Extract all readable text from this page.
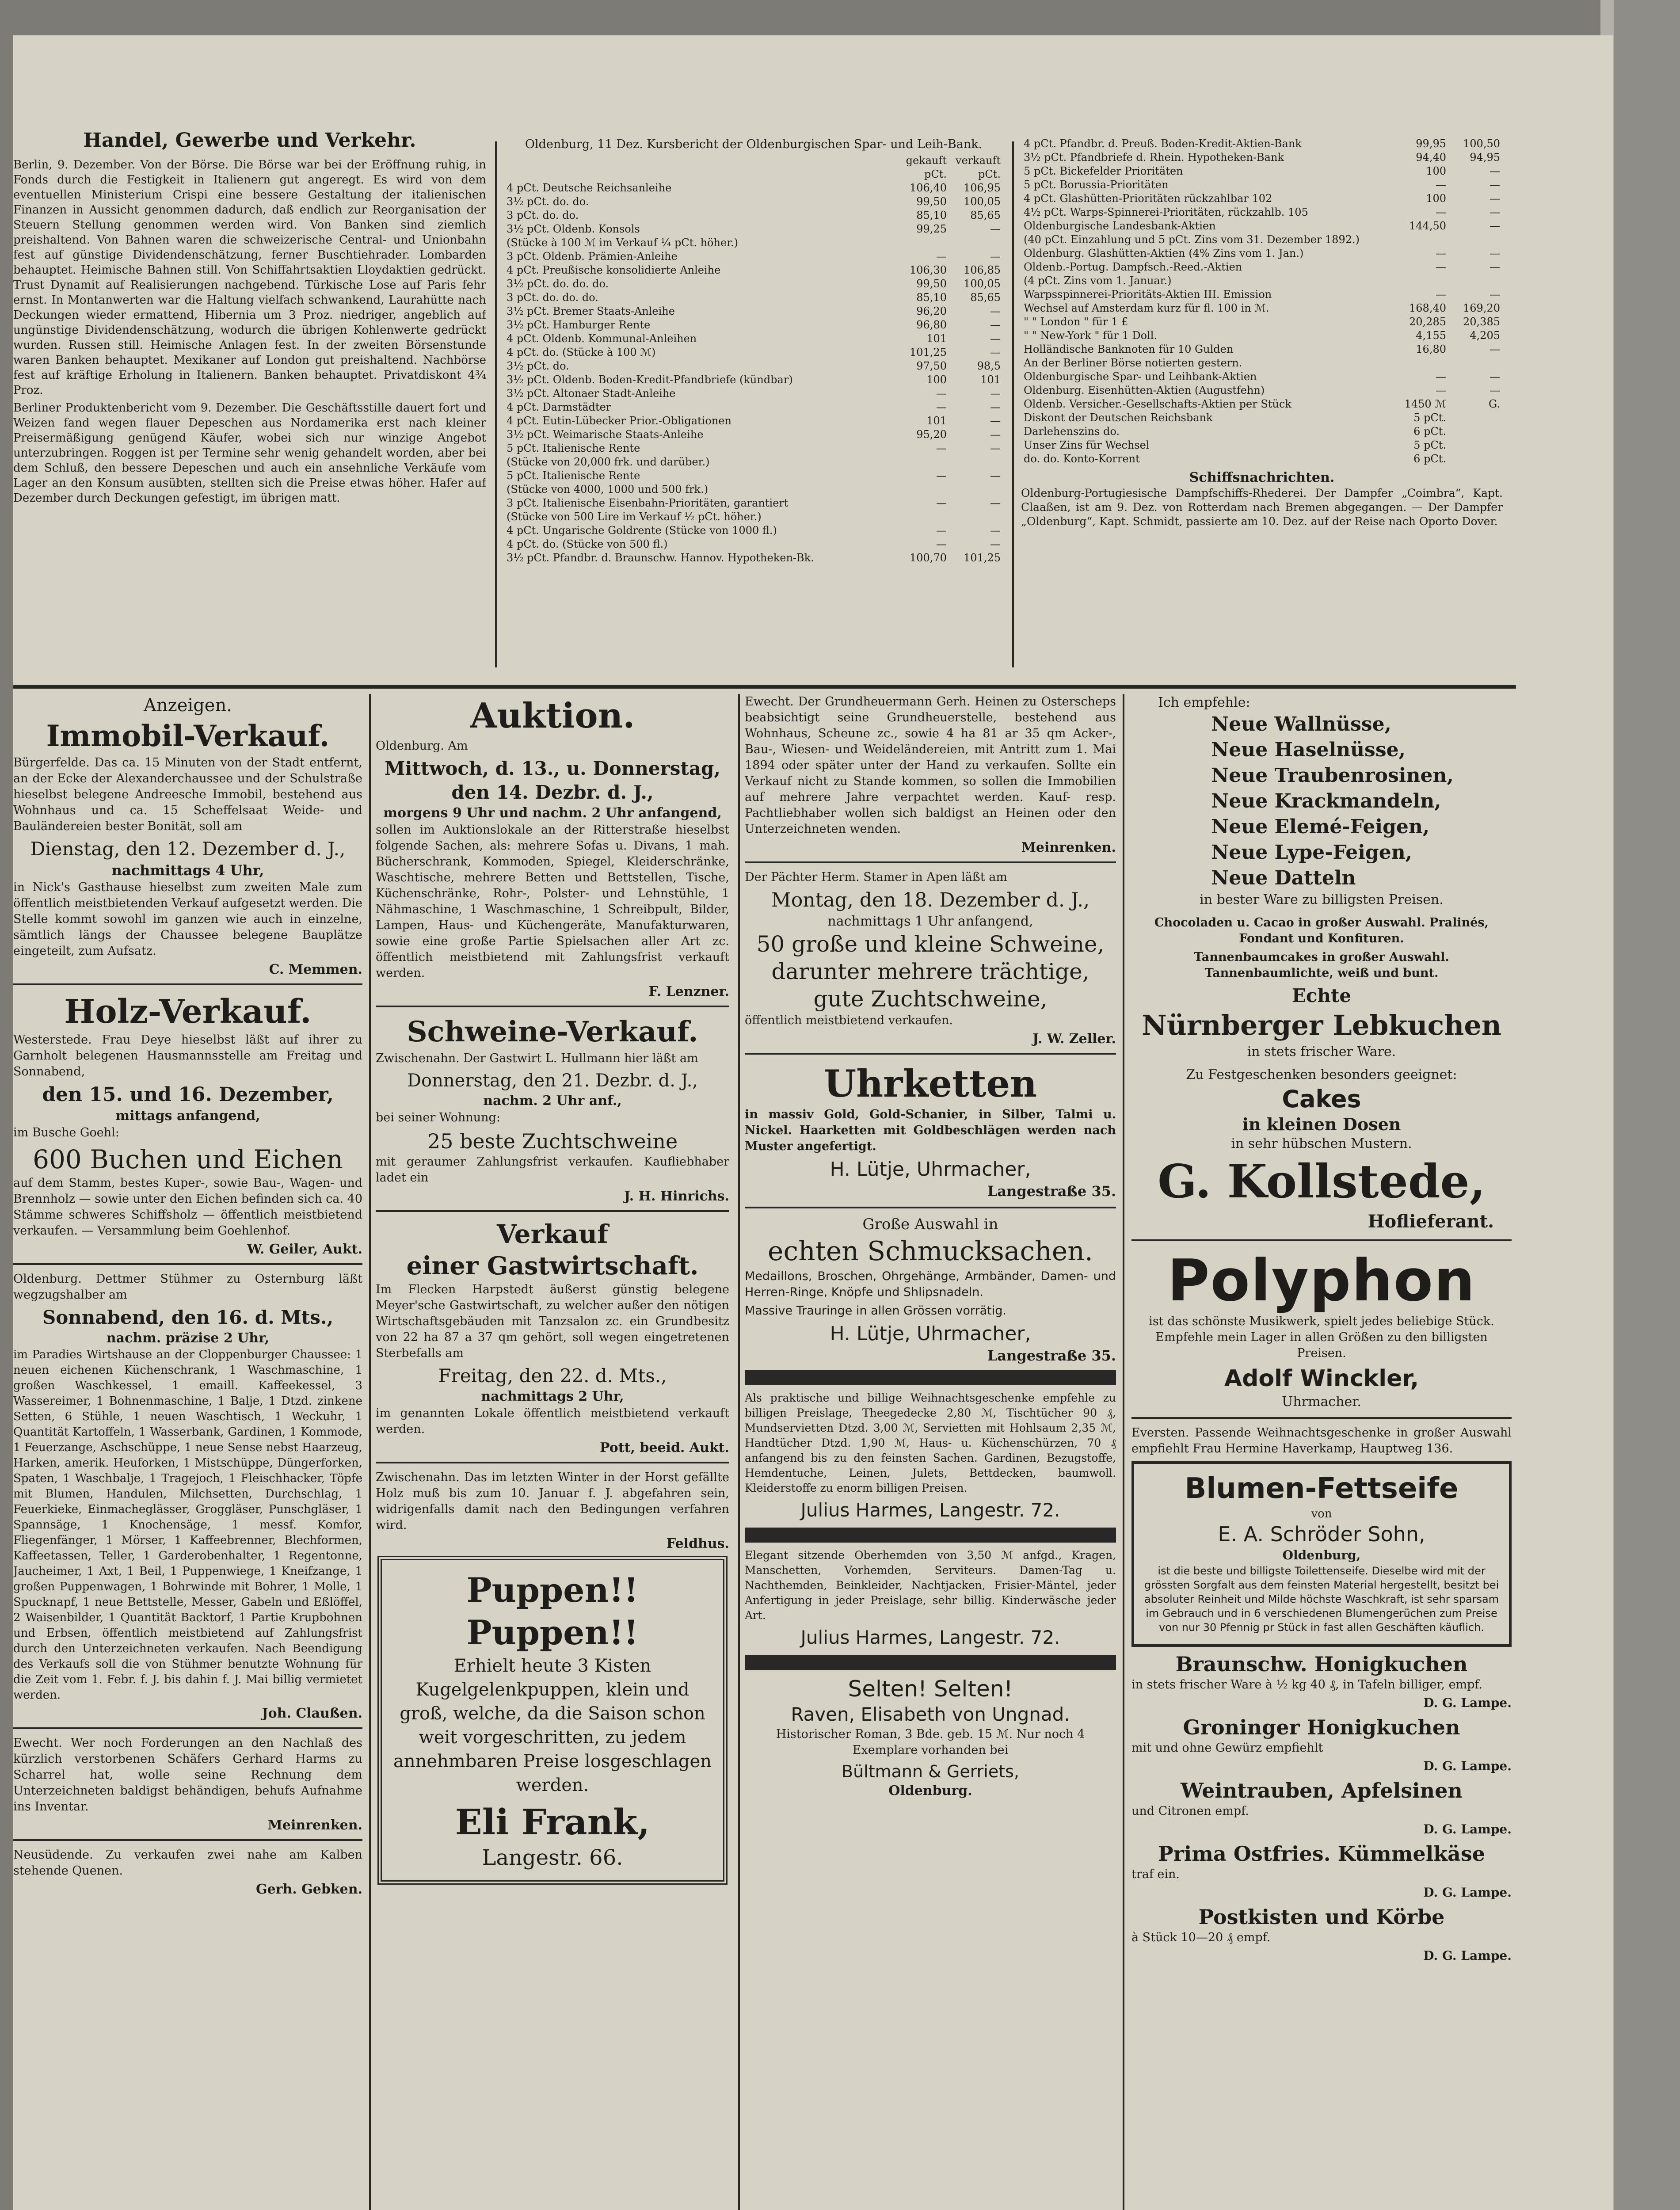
Handel, Gewerbe und Verkehr.

Berlin, 9. Dezember. Von der Börse. Die Börse war bei der Eröffnung ruhig, in Fonds durch die Festigkeit in Italienern gut angeregt. Es wird von dem eventuellen Ministerium Crispi eine bessere Gestaltung der italienischen Finanzen in Aussicht genommen dadurch, daß endlich zur Reorganisation der Steuern Stellung genommen werden wird. Von Banken sind ziemlich preishaltend. Von Bahnen waren die schweizerische Central- und Unionbahn fest auf günstige Dividendenschätzung, ferner Buschtiehrader. Lombarden behauptet. Heimische Bahnen still. Von Schiffahrtsaktien Lloydaktien gedrückt. Trust Dynamit auf Realisierungen nachgebend. Türkische Lose auf Paris fehr ernst. In Montanwerten war die Haltung vielfach schwankend, Laurahütte nach Deckungen wieder ermattend, Hibernia um 3 Proz. niedriger, angeblich auf ungünstige Dividendenschätzung, wodurch die übrigen Kohlenwerte gedrückt wurden. Russen still. Heimische Anlagen fest. In der zweiten Börsenstunde waren Banken behauptet. Mexikaner auf London gut preishaltend. Nachbörse fest auf kräftige Erholung in Italienern. Banken behauptet. Privatdiskont 4¾ Proz.

Berliner Produktenbericht vom 9. Dezember. Die Geschäftsstille dauert fort und Weizen fand wegen flauer Depeschen aus Nordamerika erst nach kleiner Preisermäßigung genügend Käufer, wobei sich nur winzige Angebot unterzubringen. Roggen ist per Termine sehr wenig gehandelt worden, aber bei dem Schluß, den bessere Depeschen und auch ein ansehnliche Verkäufe vom Lager an den Konsum ausübten, stellten sich die Preise etwas höher. Hafer auf Dezember durch Deckungen gefestigt, im übrigen matt.

Oldenburg, 11 Dez. Kursbericht der Oldenburgischen Spar- und Leih-Bank.
	gekauft	verkauft
	pCt.	pCt.
4 pCt. Deutsche Reichsanleihe	106,40	106,95
3½ pCt. do. do.	99,50	100,05
3 pCt. do. do.	85,10	85,65
3½ pCt. Oldenb. Konsols	99,25	—
(Stücke à 100 ℳ im Verkauf ¼ pCt. höher.)		
3 pCt. Oldenb. Prämien-Anleihe	—	—
4 pCt. Preußische konsolidierte Anleihe	106,30	106,85
3½ pCt. do. do. do.	99,50	100,05
3 pCt. do. do. do.	85,10	85,65
3½ pCt. Bremer Staats-Anleihe	96,20	—
3½ pCt. Hamburger Rente	96,80	—
4 pCt. Oldenb. Kommunal-Anleihen	101	—
4 pCt. do. (Stücke à 100 ℳ)	101,25	—
3½ pCt. do.	97,50	98,5
3½ pCt. Oldenb. Boden-Kredit-Pfandbriefe (kündbar)	100	101
3½ pCt. Altonaer Stadt-Anleihe	—	—
4 pCt. Darmstädter	—	—
4 pCt. Eutin-Lübecker Prior.-Obligationen	101	—
3½ pCt. Weimarische Staats-Anleihe	95,20	—
5 pCt. Italienische Rente	—	—
(Stücke von 20,000 frk. und darüber.)		
5 pCt. Italienische Rente	—	—
(Stücke von 4000, 1000 und 500 frk.)		
3 pCt. Italienische Eisenbahn-Prioritäten, garantiert	—	—
(Stücke von 500 Lire im Verkauf ½ pCt. höher.)		
4 pCt. Ungarische Goldrente (Stücke von 1000 fl.)	—	—
4 pCt. do. (Stücke von 500 fl.)	—	—
3½ pCt. Pfandbr. d. Braunschw. Hannov. Hypotheken-Bk.	100,70	101,25
4 pCt. Pfandbr. d. Preuß. Boden-Kredit-Aktien-Bank	99,95	100,50
3½ pCt. Pfandbriefe d. Rhein. Hypotheken-Bank	94,40	94,95
5 pCt. Bickefelder Prioritäten	100	—
5 pCt. Borussia-Prioritäten	—	—
4 pCt. Glashütten-Prioritäten rückzahlbar 102	100	—
4½ pCt. Warps-Spinnerei-Prioritäten, rückzahlb. 105	—	—
Oldenburgische Landesbank-Aktien	144,50	—
(40 pCt. Einzahlung und 5 pCt. Zins vom 31. Dezember 1892.)		
Oldenburg. Glashütten-Aktien (4% Zins vom 1. Jan.)	—	—
Oldenb.-Portug. Dampfsch.-Reed.-Aktien	—	—
(4 pCt. Zins vom 1. Januar.)		
Warpsspinnerei-Prioritäts-Aktien III. Emission	—	—
Wechsel auf Amsterdam kurz für fl. 100 in ℳ.	168,40	169,20
" " London " für 1 £	20,285	20,385
" " New-York " für 1 Doll.	4,155	4,205
Holländische Banknoten für 10 Gulden	16,80	—
An der Berliner Börse notierten gestern.		
Oldenburgische Spar- und Leihbank-Aktien	—	—
Oldenburg. Eisenhütten-Aktien (Augustfehn)	—	—
Oldenb. Versicher.-Gesellschafts-Aktien per Stück	1450 ℳ	G.
Diskont der Deutschen Reichsbank	5 pCt.	
Darlehenszins do.	6 pCt.	
Unser Zins für Wechsel	5 pCt.	
do. do. Konto-Korrent	6 pCt.	
Schiffsnachrichten.

Oldenburg-Portugiesische Dampfschiffs-Rhederei. Der Dampfer „Coimbra“, Kapt. Claaßen, ist am 9. Dez. von Rotterdam nach Bremen abgegangen. — Der Dampfer „Oldenburg“, Kapt. Schmidt, passierte am 10. Dez. auf der Reise nach Oporto Dover.

Anzeigen.
Immobil-Verkauf.

Bürgerfelde. Das ca. 15 Minuten von der Stadt entfernt, an der Ecke der Alexanderchaussee und der Schulstraße hieselbst belegene Andreesche Immobil, bestehend aus Wohnhaus und ca. 15 Scheffelsaat Weide- und Bauländereien bester Bonität, soll am

Dienstag, den 12. Dezember d. J.,
nachmittags 4 Uhr,

in Nick's Gasthause hieselbst zum zweiten Male zum öffentlich meistbietenden Verkauf aufgesetzt werden. Die Stelle kommt sowohl im ganzen wie auch in einzelne, sämtlich längs der Chaussee belegene Bauplätze eingeteilt, zum Aufsatz.

C. Memmen.
Holz-Verkauf.

Westerstede. Frau Deye hieselbst läßt auf ihrer zu Garnholt belegenen Hausmannsstelle am Freitag und Sonnabend,

den 15. und 16. Dezember,
mittags anfangend,

im Busche Goehl:

600 Buchen und Eichen

auf dem Stamm, bestes Kuper-, sowie Bau-, Wagen- und Brennholz — sowie unter den Eichen befinden sich ca. 40 Stämme schweres Schiffsholz — öffentlich meistbietend verkaufen. — Versammlung beim Goehlenhof.

W. Geiler, Aukt.

Oldenburg. Dettmer Stühmer zu Osternburg läßt wegzugshalber am

Sonnabend, den 16. d. Mts.,
nachm. präzise 2 Uhr,

im Paradies Wirtshause an der Cloppenburger Chaussee: 1 neuen eichenen Küchenschrank, 1 Waschmaschine, 1 großen Waschkessel, 1 emaill. Kaffeekessel, 3 Wassereimer, 1 Bohnenmaschine, 1 Balje, 1 Dtzd. zinkene Setten, 6 Stühle, 1 neuen Waschtisch, 1 Weckuhr, 1 Quantität Kartoffeln, 1 Wasserbank, Gardinen, 1 Kommode, 1 Feuerzange, Aschschüppe, 1 neue Sense nebst Haarzeug, Harken, amerik. Heuforken, 1 Mistschüppe, Düngerforken, Spaten, 1 Waschbalje, 1 Tragejoch, 1 Fleischhacker, Töpfe mit Blumen, Handulen, Milchsetten, Durchschlag, 1 Feuerkieke, Einmacheglässer, Groggläser, Punschgläser, 1 Spannsäge, 1 Knochensäge, 1 messf. Komfor, Fliegenfänger, 1 Mörser, 1 Kaffeebrenner, Blechformen, Kaffeetassen, Teller, 1 Garderobenhalter, 1 Regentonne, Jaucheimer, 1 Axt, 1 Beil, 1 Puppenwiege, 1 Kneifzange, 1 großen Puppenwagen, 1 Bohrwinde mit Bohrer, 1 Molle, 1 Spucknapf, 1 neue Bettstelle, Messer, Gabeln und Eßlöffel, 2 Waisenbilder, 1 Quantität Backtorf, 1 Partie Krupbohnen und Erbsen, öffentlich meistbietend auf Zahlungsfrist durch den Unterzeichneten verkaufen. Nach Beendigung des Verkaufs soll die von Stühmer benutzte Wohnung für die Zeit vom 1. Febr. f. J. bis dahin f. J. Mai billig vermietet werden.

Joh. Claußen.

Ewecht. Wer noch Forderungen an den Nachlaß des kürzlich verstorbenen Schäfers Gerhard Harms zu Scharrel hat, wolle seine Rechnung dem Unterzeichneten baldigst behändigen, behufs Aufnahme ins Inventar.

Meinrenken.

Neusüdende. Zu verkaufen zwei nahe am Kalben stehende Quenen.

Gerh. Gebken.
Auktion.

Oldenburg. Am

Mittwoch, d. 13., u. Donnerstag, den 14. Dezbr. d. J.,
morgens 9 Uhr und nachm. 2 Uhr anfangend,

sollen im Auktionslokale an der Ritterstraße hieselbst folgende Sachen, als: mehrere Sofas u. Divans, 1 mah. Bücherschrank, Kommoden, Spiegel, Kleiderschränke, Waschtische, mehrere Betten und Bettstellen, Tische, Küchenschränke, Rohr-, Polster- und Lehnstühle, 1 Nähmaschine, 1 Waschmaschine, 1 Schreibpult, Bilder, Lampen, Haus- und Küchengeräte, Manufakturwaren, sowie eine große Partie Spielsachen aller Art zc. öffentlich meistbietend mit Zahlungsfrist verkauft werden.

F. Lenzner.
Schweine-Verkauf.

Zwischenahn. Der Gastwirt L. Hullmann hier läßt am

Donnerstag, den 21. Dezbr. d. J.,
nachm. 2 Uhr anf.,

bei seiner Wohnung:

25 beste Zuchtschweine

mit geraumer Zahlungsfrist verkaufen. Kaufliebhaber ladet ein

J. H. Hinrichs.
Verkauf
einer Gastwirtschaft.

Im Flecken Harpstedt äußerst günstig belegene Meyer'sche Gastwirtschaft, zu welcher außer den nötigen Wirtschaftsgebäuden mit Tanzsalon zc. ein Grundbesitz von 22 ha 87 a 37 qm gehört, soll wegen eingetretenen Sterbefalls am

Freitag, den 22. d. Mts.,
nachmittags 2 Uhr,

im genannten Lokale öffentlich meistbietend verkauft werden.

Pott, beeid. Aukt.

Zwischenahn. Das im letzten Winter in der Horst gefällte Holz muß bis zum 10. Januar f. J. abgefahren sein, widrigenfalls damit nach den Bedingungen verfahren wird.

Feldhus.
Puppen!!
Puppen!!

Erhielt heute 3 Kisten Kugelgelenkpuppen, klein und groß, welche, da die Saison schon weit vorgeschritten, zu jedem annehmbaren Preise losgeschlagen werden.

Eli Frank,
Langestr. 66.

Ewecht. Der Grundheuermann Gerh. Heinen zu Osterscheps beabsichtigt seine Grundheuerstelle, bestehend aus Wohnhaus, Scheune zc., sowie 4 ha 81 ar 35 qm Acker-, Bau-, Wiesen- und Weideländereien, mit Antritt zum 1. Mai 1894 oder später unter der Hand zu verkaufen. Sollte ein Verkauf nicht zu Stande kommen, so sollen die Immobilien auf mehrere Jahre verpachtet werden. Kauf- resp. Pachtliebhaber wollen sich baldigst an Heinen oder den Unterzeichneten wenden.

Meinrenken.

Der Pächter Herm. Stamer in Apen läßt am

Montag, den 18. Dezember d. J.,
nachmittags 1 Uhr anfangend,
50 große und kleine Schweine, darunter mehrere trächtige, gute Zuchtschweine,

öffentlich meistbietend verkaufen.

J. W. Zeller.
Uhrketten

in massiv Gold, Gold-Schanier, in Silber, Talmi u. Nickel. Haarketten mit Goldbeschlägen werden nach Muster angefertigt.

H. Lütje, Uhrmacher,
Langestraße 35.
Große Auswahl in
echten Schmucksachen.

Medaillons, Broschen, Ohrgehänge, Armbänder, Damen- und Herren-Ringe, Knöpfe und Shlipsnadeln.

Massive Trauringe in allen Grössen vorrätig.

H. Lütje, Uhrmacher,
Langestraße 35.

Als praktische und billige Weihnachtsgeschenke empfehle zu billigen Preislage, Theegedecke 2,80 ℳ, Tischtücher 90 ₰, Mundservietten Dtzd. 3,00 ℳ, Servietten mit Hohlsaum 2,35 ℳ, Handtücher Dtzd. 1,90 ℳ, Haus- u. Küchenschürzen, 70 ₰ anfangend bis zu den feinsten Sachen. Gardinen, Bezugstoffe, Hemdentuche, Leinen, Julets, Bettdecken, baumwoll. Kleiderstoffe zu enorm billigen Preisen.

Julius Harmes, Langestr. 72.

Elegant sitzende Oberhemden von 3,50 ℳ anfgd., Kragen, Manschetten, Vorhemden, Serviteurs. Damen-Tag u. Nachthemden, Beinkleider, Nachtjacken, Frisier-Mäntel, jeder Anfertigung in jeder Preislage, sehr billig. Kinderwäsche jeder Art.

Julius Harmes, Langestr. 72.
Selten! Selten!
Raven, Elisabeth von Ungnad.

Historischer Roman, 3 Bde. geb. 15 ℳ. Nur noch 4 Exemplare vorhanden bei

Bültmann & Gerriets,
Oldenburg.
Ich empfehle:
Neue Wallnüsse,
Neue Haselnüsse,
Neue Traubenrosinen,
Neue Krackmandeln,
Neue Elemé-Feigen,
Neue Lype-Feigen,
Neue Datteln
in bester Ware zu billigsten Preisen.

Chocoladen u. Cacao in großer Auswahl. Pralinés, Fondant und Konfituren.

Tannenbaumcakes in großer Auswahl. Tannenbaumlichte, weiß und bunt.

Echte
Nürnberger Lebkuchen
in stets frischer Ware.
Zu Festgeschenken besonders geeignet:
Cakes
in kleinen Dosen
in sehr hübschen Mustern.
G. Kollstede,
Hoflieferant.
Polyphon

ist das schönste Musikwerk, spielt jedes beliebige Stück. Empfehle mein Lager in allen Größen zu den billigsten Preisen.

Adolf Winckler,
Uhrmacher.

Eversten. Passende Weihnachtsgeschenke in großer Auswahl empfiehlt Frau Hermine Haverkamp, Hauptweg 136.

Blumen-Fettseife
von
E. A. Schröder Sohn,
Oldenburg,

ist die beste und billigste Toilettenseife. Dieselbe wird mit der grössten Sorgfalt aus dem feinsten Material hergestellt, besitzt bei absoluter Reinheit und Milde höchste Waschkraft, ist sehr sparsam im Gebrauch und in 6 verschiedenen Blumengerüchen zum Preise von nur 30 Pfennig pr Stück in fast allen Geschäften käuflich.

Braunschw. Honigkuchen

in stets frischer Ware à ½ kg 40 ₰, in Tafeln billiger, empf.

D. G. Lampe.
Groninger Honigkuchen

mit und ohne Gewürz empfiehlt

D. G. Lampe.
Weintrauben, Apfelsinen

und Citronen empf.

D. G. Lampe.
Prima Ostfries. Kümmelkäse

traf ein.

D. G. Lampe.
Postkisten und Körbe

à Stück 10—20 ₰ empf.

D. G. Lampe.
